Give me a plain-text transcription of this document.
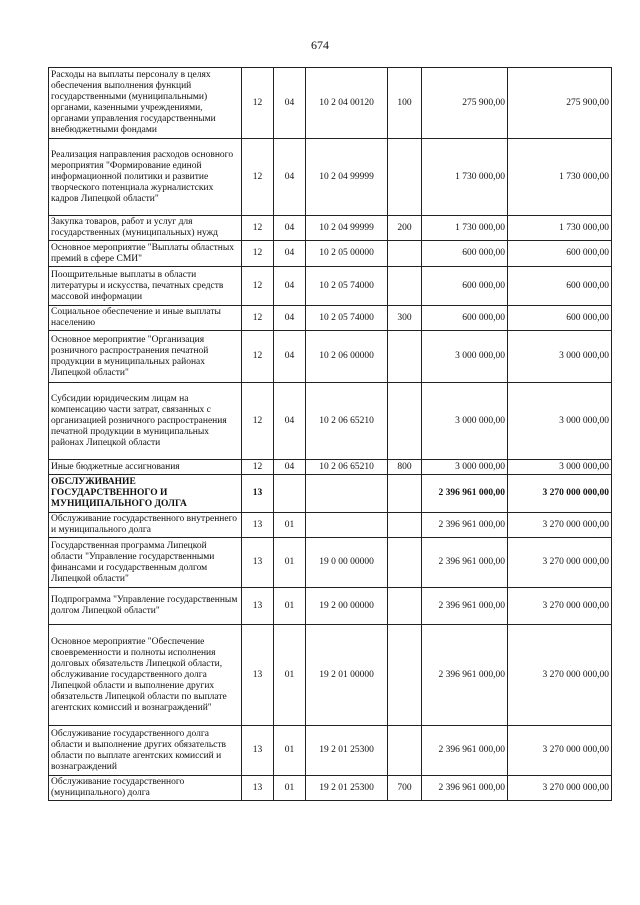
674
Расходы на выплаты персоналу в целях обеспечения выполнения функций государственными (муниципальными) органами, казенными учреждениями, органами управления государственными внебюджетными фондами	12	04	10 2 04 00120	100	275 900,00	275 900,00
Реализация направления расходов основного мероприятия "Формирование единой информационной политики и развитие творческого потенциала журналистских кадров Липецкой области"	12	04	10 2 04 99999		1 730 000,00	1 730 000,00
Закупка товаров, работ и услуг для государственных (муниципальных) нужд	12	04	10 2 04 99999	200	1 730 000,00	1 730 000,00
Основное мероприятие "Выплаты областных премий в сфере СМИ"	12	04	10 2 05 00000		600 000,00	600 000,00
Поощрительные выплаты в области литературы и искусства, печатных средств массовой информации	12	04	10 2 05 74000		600 000,00	600 000,00
Социальное обеспечение и иные выплаты населению	12	04	10 2 05 74000	300	600 000,00	600 000,00
Основное мероприятие "Организация розничного распространения печатной продукции в муниципальных районах Липецкой области"	12	04	10 2 06 00000		3 000 000,00	3 000 000,00
Субсидии юридическим лицам на компенсацию части затрат, связанных с организацией розничного распространения печатной продукции в муниципальных районах Липецкой области	12	04	10 2 06 65210		3 000 000,00	3 000 000,00
Иные бюджетные ассигнования	12	04	10 2 06 65210	800	3 000 000,00	3 000 000,00
ОБСЛУЖИВАНИЕ ГОСУДАРСТВЕННОГО И МУНИЦИПАЛЬНОГО ДОЛГА	13				2 396 961 000,00	3 270 000 000,00
Обслуживание государственного внутреннего и муниципального долга	13	01			2 396 961 000,00	3 270 000 000,00
Государственная программа Липецкой области "Управление государственными финансами и государственным долгом Липецкой области"	13	01	19 0 00 00000		2 396 961 000,00	3 270 000 000,00
Подпрограмма "Управление государственным долгом Липецкой области"	13	01	19 2 00 00000		2 396 961 000,00	3 270 000 000,00
Основное мероприятие "Обеспечение своевременности и полноты исполнения долговых обязательств Липецкой области, обслуживание государственного долга Липецкой области и выполнение других обязательств Липецкой области по выплате агентских комиссий и вознаграждений"	13	01	19 2 01 00000		2 396 961 000,00	3 270 000 000,00
Обслуживание государственного долга области и выполнение других обязательств области по выплате агентских комиссий и вознаграждений	13	01	19 2 01 25300		2 396 961 000,00	3 270 000 000,00
Обслуживание государственного (муниципального) долга	13	01	19 2 01 25300	700	2 396 961 000,00	3 270 000 000,00
